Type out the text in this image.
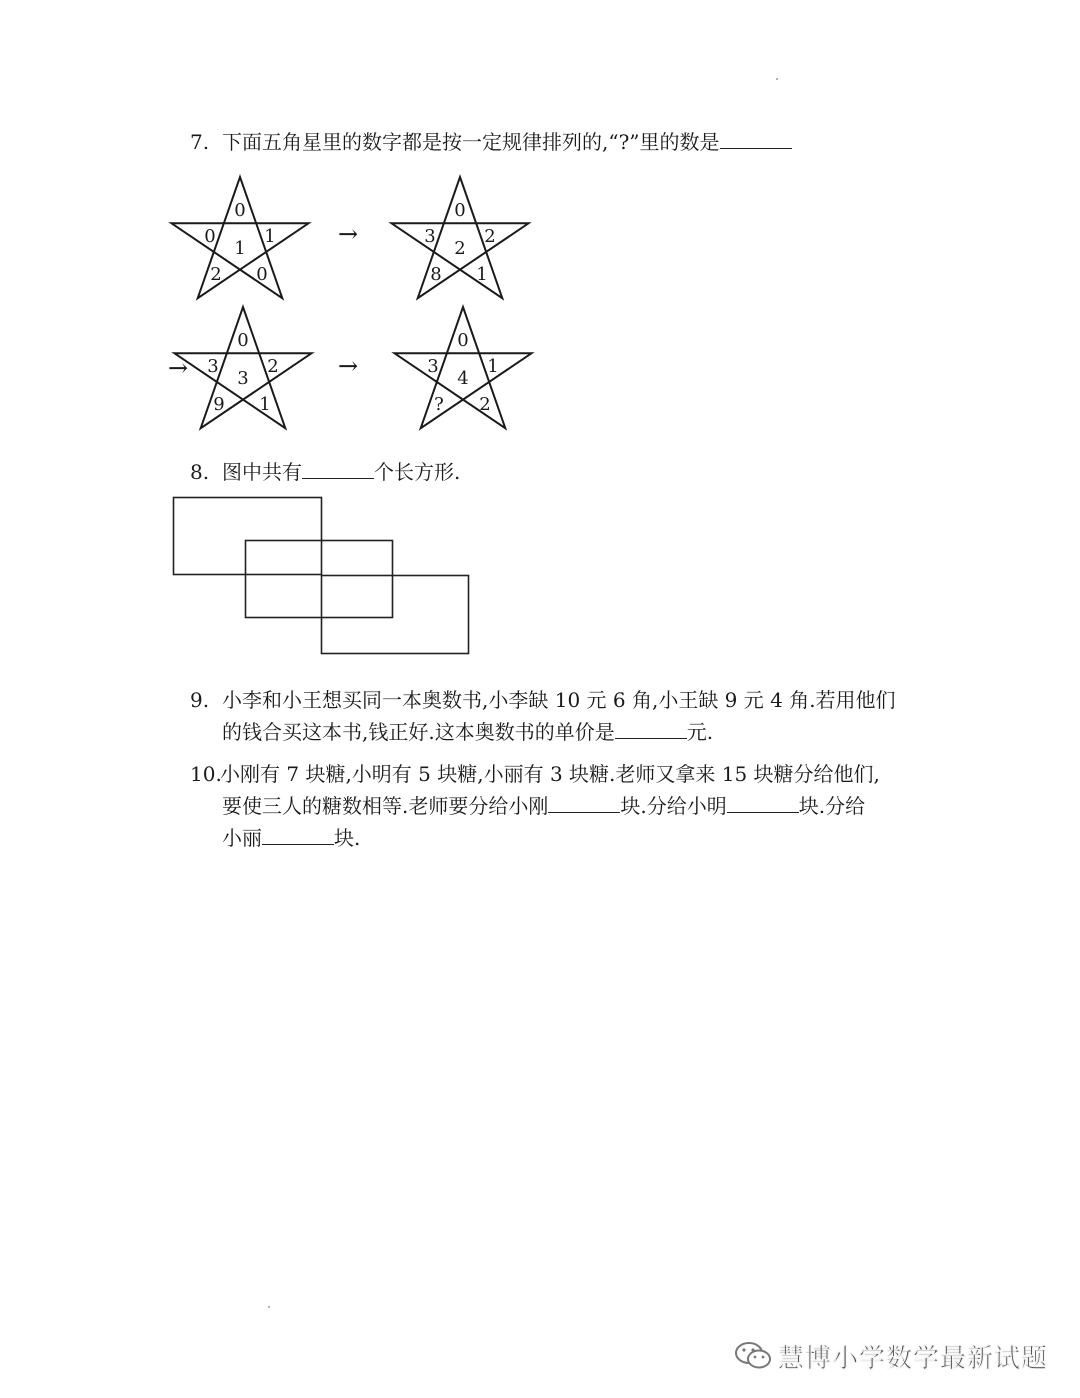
7. 下面五角星里的数字都是按一定规律排列的,“?”里的数是
0
0
1
1
2 0
0
3
2
2
8 1
0
3
3
2
9 1
0
3
4
1
? 2
→
→
→
8. 图中共有	个长方形.
9. 小李和小王想买同一本奥数书,小李缺 10 元 6 角,小王缺 9 元 4 角.若用他们
的钱合买这本书,钱正好.这本奥数书的单价是	元.
10.
小刚有 7 块糖,小明有 5 块糖,小丽有 3 块糖.老师又拿来 15 块糖分给他们,
要使三人的糖数相等.老师要分给小刚	块.分给小明	块.分给
小丽	块.
慧博小学数学最新试题
